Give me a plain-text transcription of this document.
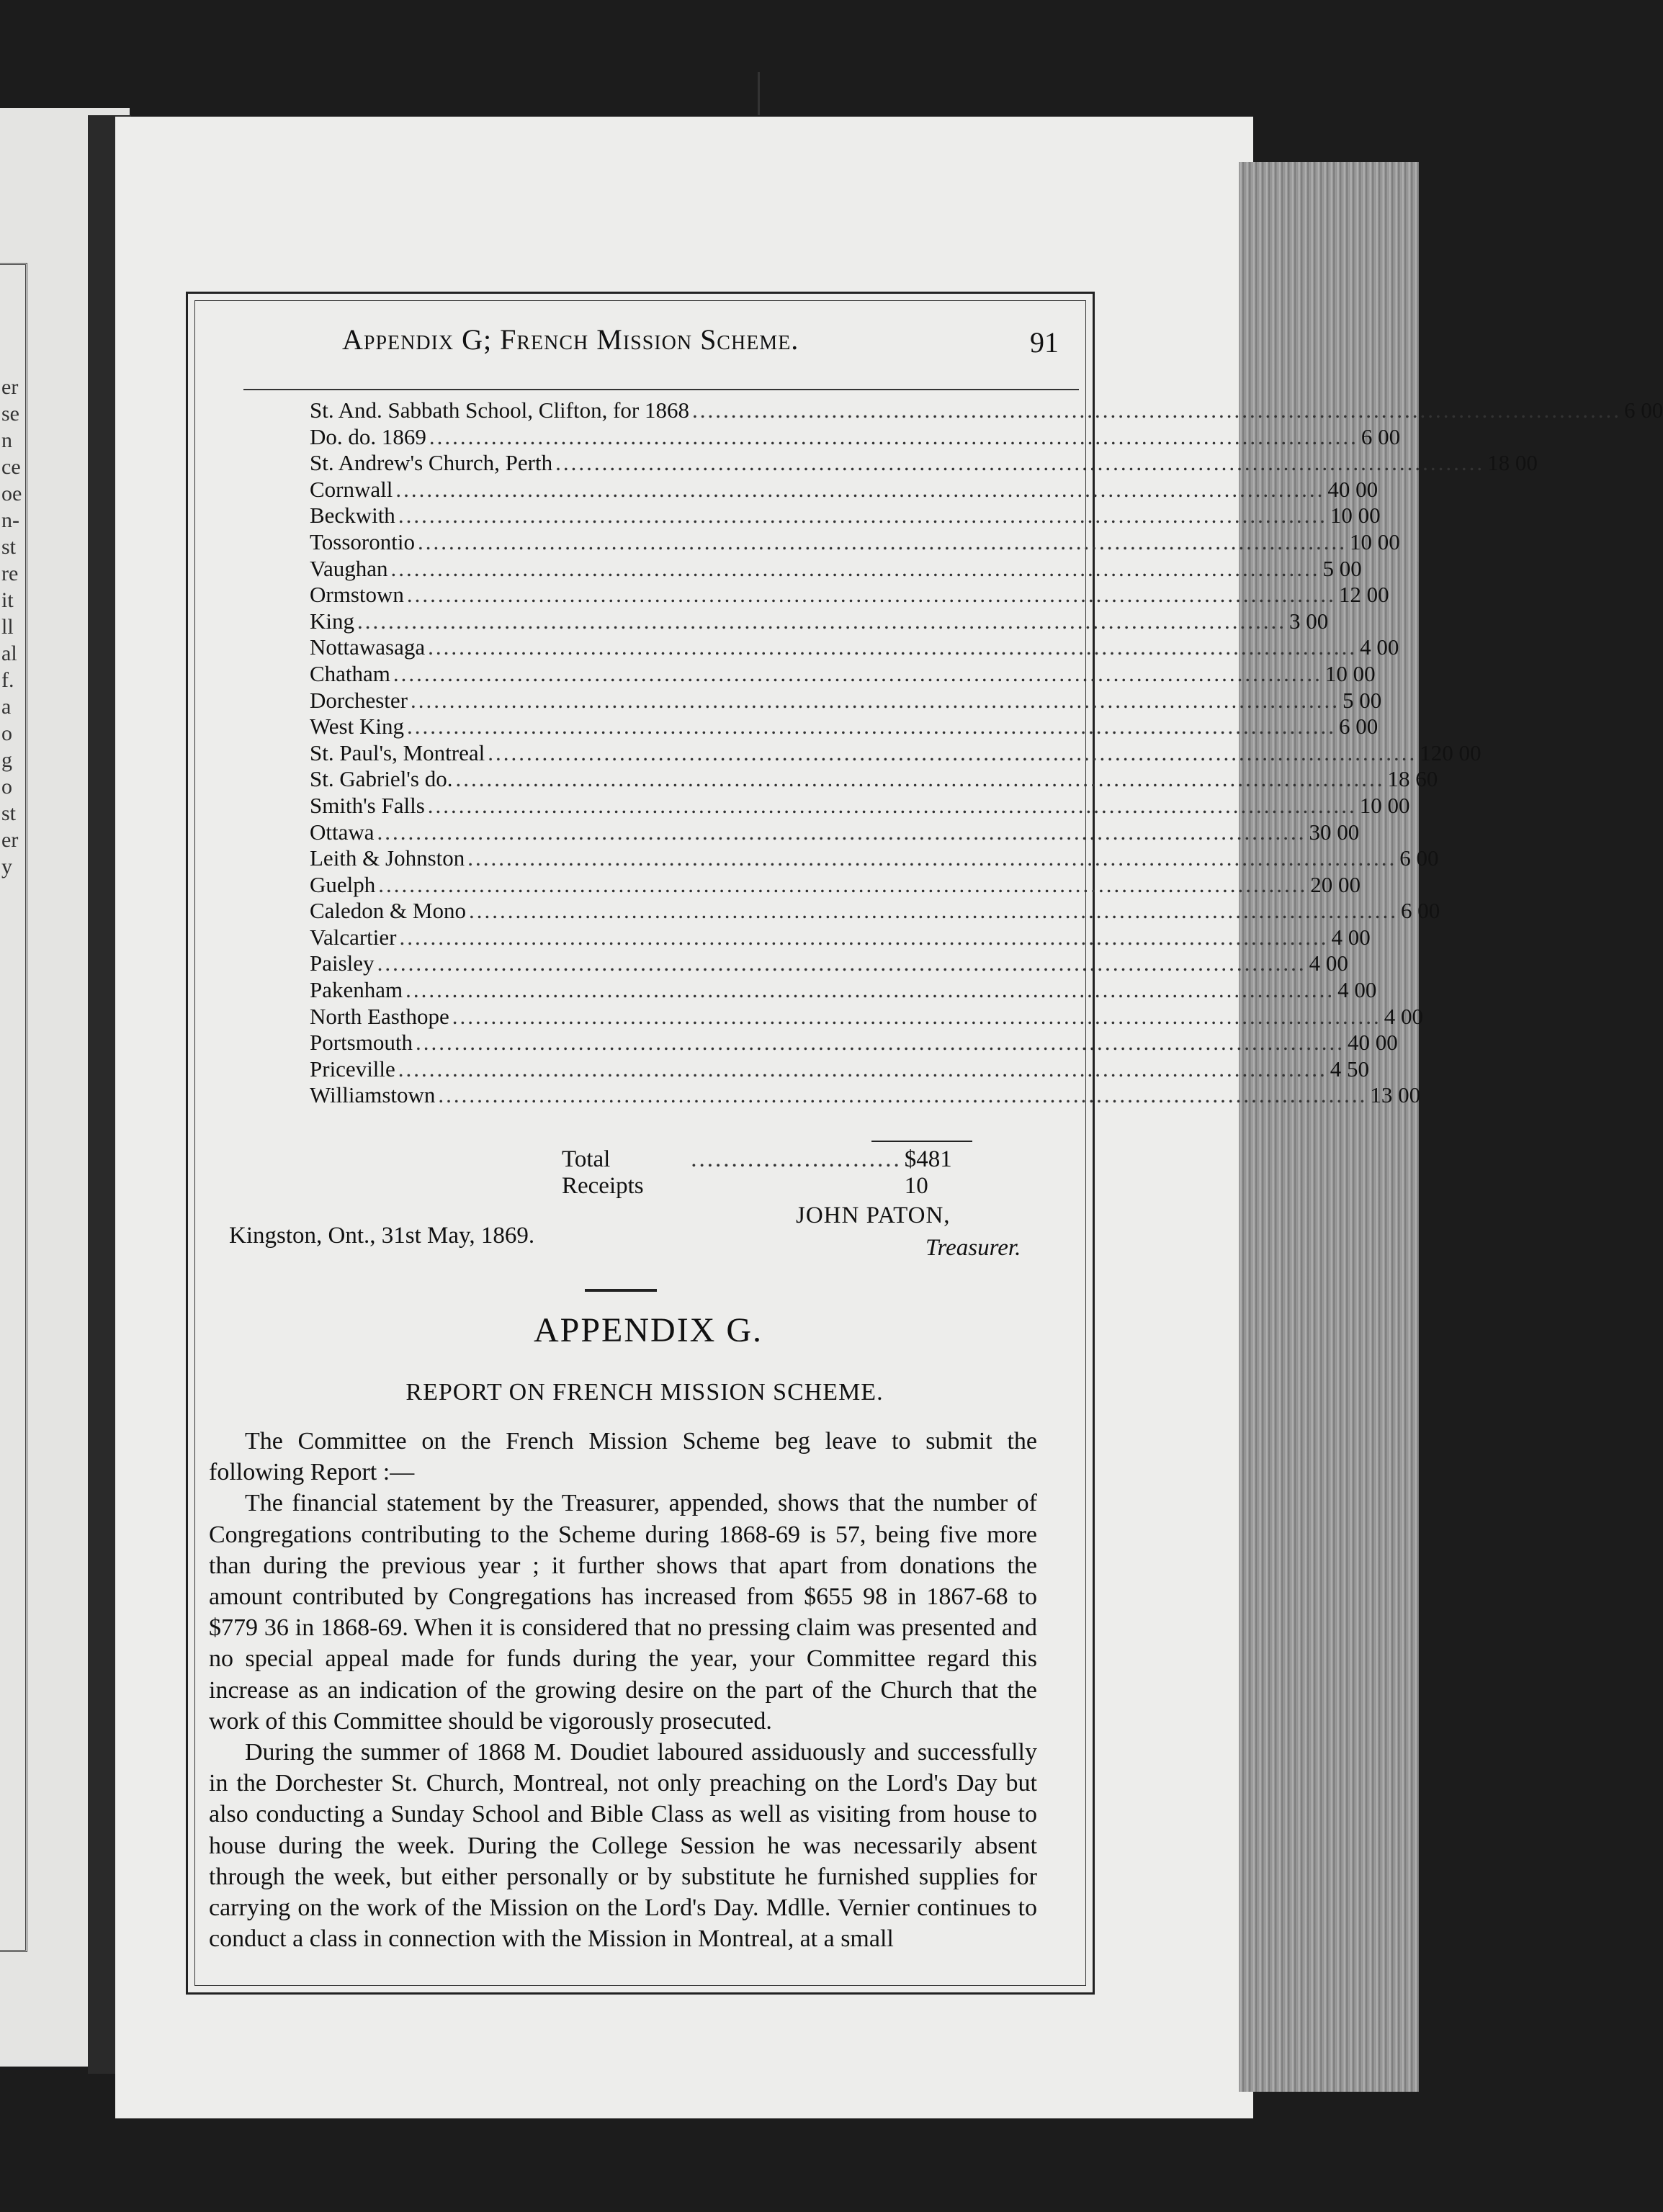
er
se
n
ce
oe
n-
st
re
it
ll
al
f.
a
o
g
o
st
er
y
Appendix G; French Mission Scheme.	91
St. And. Sabbath School, Clifton, for 1868 ........................................................................................................................ 6 00
Do. do. 1869 ........................................................................................................................ 6 00
St. Andrew's Church, Perth ........................................................................................................................ 18 00
Cornwall ........................................................................................................................ 40 00
Beckwith ........................................................................................................................ 10 00
Tossorontio ........................................................................................................................ 10 00
Vaughan ........................................................................................................................ 5 00
Ormstown ........................................................................................................................ 12 00
King ........................................................................................................................ 3 00
Nottawasaga ........................................................................................................................ 4 00
Chatham ........................................................................................................................ 10 00
Dorchester ........................................................................................................................ 5 00
West King ........................................................................................................................ 6 00
St. Paul's, Montreal ........................................................................................................................ 120 00
St. Gabriel's do. ........................................................................................................................ 18 60
Smith's Falls ........................................................................................................................ 10 00
Ottawa ........................................................................................................................ 30 00
Leith & Johnston ........................................................................................................................ 6 00
Guelph ........................................................................................................................ 20 00
Caledon & Mono ........................................................................................................................ 6 00
Valcartier ........................................................................................................................ 4 00
Paisley ........................................................................................................................ 4 00
Pakenham ........................................................................................................................ 4 00
North Easthope ........................................................................................................................ 4 00
Portsmouth ........................................................................................................................ 40 00
Priceville ........................................................................................................................ 4 50
Williamstown ........................................................................................................................ 13 00
Total Receipts
.......................... $481 10
Kingston, Ont., 31st May, 1869.
JOHN PATON,
Treasurer.
APPENDIX G.
REPORT ON FRENCH MISSION SCHEME.

The Committee on the French Mission Scheme beg leave to submit the following Report :—

The financial statement by the Treasurer, appended, shows that the number of Congregations contributing to the Scheme during 1868-69 is 57, being five more than during the previous year ; it further shows that apart from donations the amount contributed by Congregations has increased from $655 98 in 1867-68 to $779 36 in 1868-69. When it is considered that no pressing claim was presented and no special appeal made for funds during the year, your Committee regard this increase as an indication of the growing desire on the part of the Church that the work of this Committee should be vigorously prosecuted.

During the summer of 1868 M. Doudiet laboured assiduously and successfully in the Dorchester St. Church, Montreal, not only preaching on the Lord's Day but also conducting a Sunday School and Bible Class as well as visiting from house to house during the week. During the College Session he was necessarily absent through the week, but either personally or by substitute he furnished supplies for carrying on the work of the Mission on the Lord's Day. Mdlle. Vernier continues to conduct a class in connection with the Mission in Montreal, at a small
